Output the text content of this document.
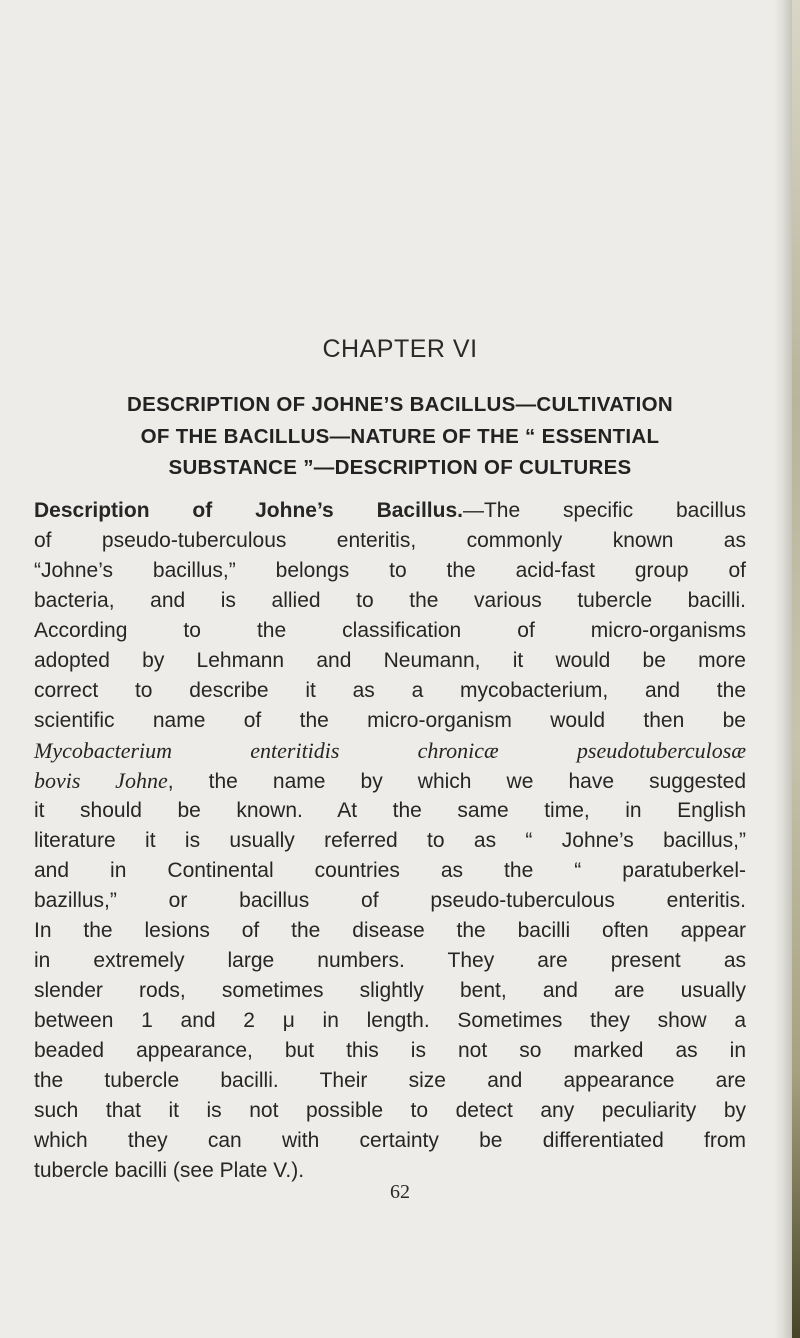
CHAPTER VI
DESCRIPTION OF JOHNE’S BACILLUS—CULTIVATION
OF THE BACILLUS—NATURE OF THE “ ESSENTIAL
SUBSTANCE ”—DESCRIPTION OF CULTURES
Description of Johne’s Bacillus.—The specific bacillus
of pseudo-tuberculous enteritis, commonly known as
“Johne’s bacillus,” belongs to the acid-fast group of
bacteria, and is allied to the various tubercle bacilli.
According to the classification of micro-organisms
adopted by Lehmann and Neumann, it would be more
correct to describe it as a mycobacterium, and the
scientific name of the micro-organism would then be
Mycobacterium enteritidis chronicæ pseudotuberculosæ
bovis Johne, the name by which we have suggested
it should be known. At the same time, in English
literature it is usually referred to as “ Johne’s bacillus,”
and in Continental countries as the “ paratuberkel-
bazillus,” or bacillus of pseudo-tuberculous enteritis.
In the lesions of the disease the bacilli often appear
in extremely large numbers. They are present as
slender rods, sometimes slightly bent, and are usually
between 1 and 2 μ in length. Sometimes they show a
beaded appearance, but this is not so marked as in
the tubercle bacilli. Their size and appearance are
such that it is not possible to detect any peculiarity by
which they can with certainty be differentiated from
tubercle bacilli (see Plate V.).
62
